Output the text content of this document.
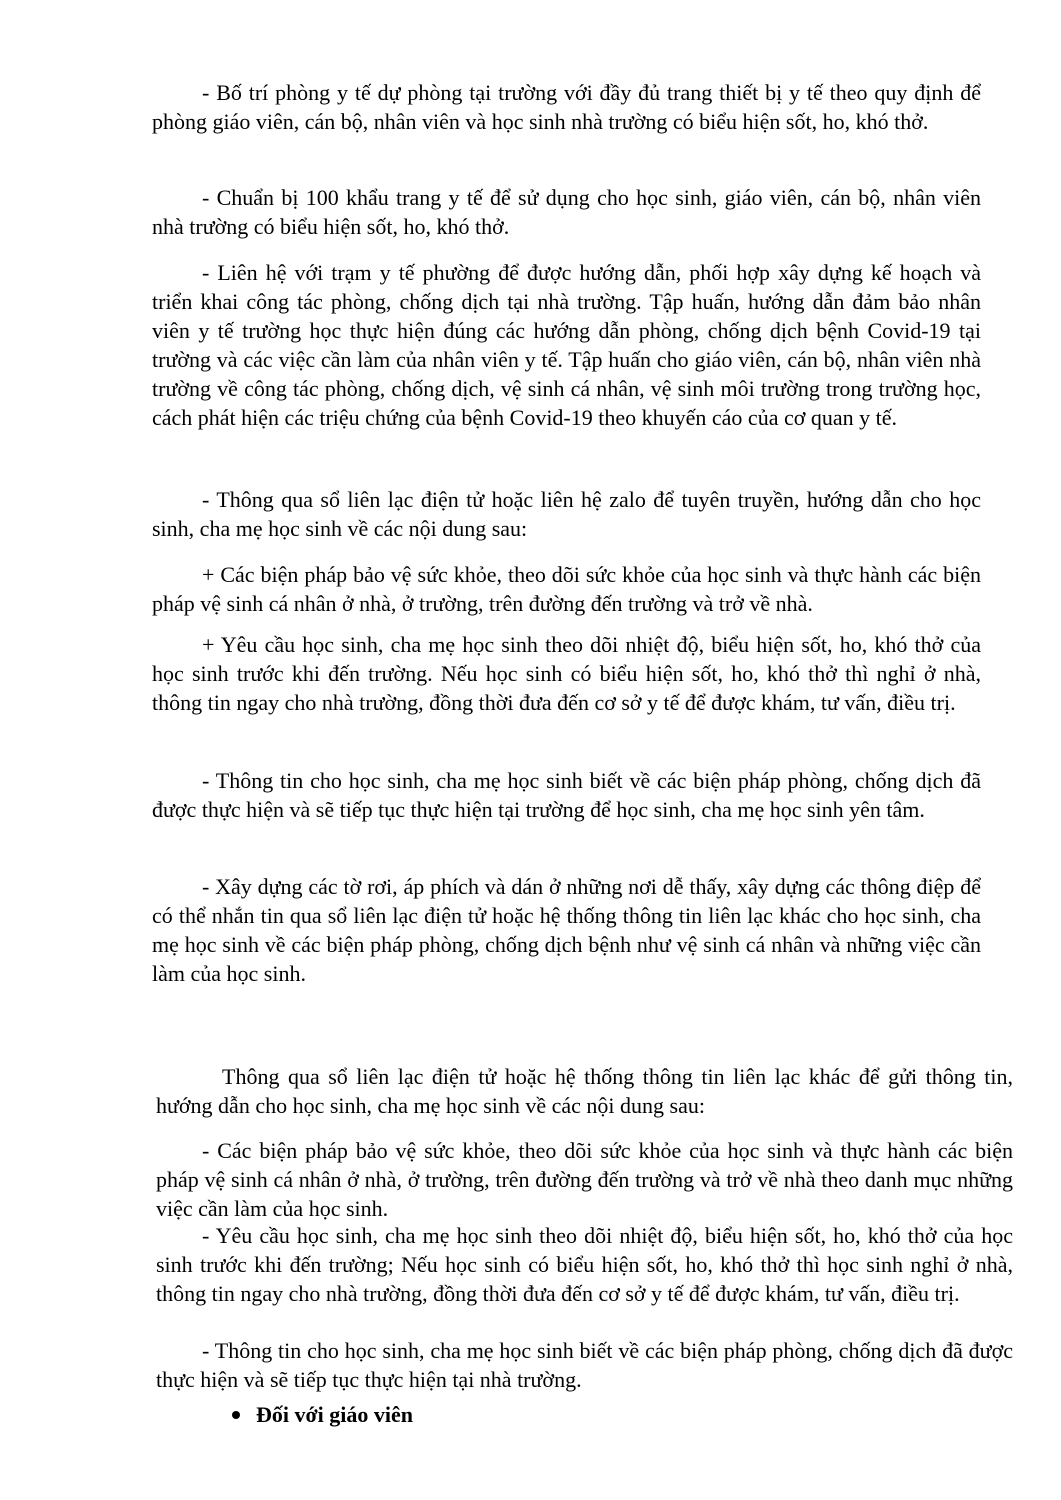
- Bố trí phòng y tế dự phòng tại trường với đầy đủ trang thiết bị y tế theo quy định để phòng giáo viên, cán bộ, nhân viên và học sinh nhà trường có biểu hiện sốt, ho, khó thở.

- Chuẩn bị 100 khẩu trang y tế để sử dụng cho học sinh, giáo viên, cán bộ, nhân viên nhà trường có biểu hiện sốt, ho, khó thở.

- Liên hệ với trạm y tế phường để được hướng dẫn, phối hợp xây dựng kế hoạch và triển khai công tác phòng, chống dịch tại nhà trường. Tập huấn, hướng dẫn đảm bảo nhân viên y tế trường học thực hiện đúng các hướng dẫn phòng, chống dịch bệnh Covid-19 tại trường và các việc cần làm của nhân viên y tế. Tập huấn cho giáo viên, cán bộ, nhân viên nhà trường về công tác phòng, chống dịch, vệ sinh cá nhân, vệ sinh môi trường trong trường học, cách phát hiện các triệu chứng của bệnh Covid-19 theo khuyến cáo của cơ quan y tế.

- Thông qua sổ liên lạc điện tử hoặc liên hệ zalo để tuyên truyền, hướng dẫn cho học sinh, cha mẹ học sinh về các nội dung sau:

+ Các biện pháp bảo vệ sức khỏe, theo dõi sức khỏe của học sinh và thực hành các biện pháp vệ sinh cá nhân ở nhà, ở trường, trên đường đến trường và trở về nhà.

+ Yêu cầu học sinh, cha mẹ học sinh theo dõi nhiệt độ, biểu hiện sốt, ho, khó thở của học sinh trước khi đến trường. Nếu học sinh có biểu hiện sốt, ho, khó thở thì nghỉ ở nhà, thông tin ngay cho nhà trường, đồng thời đưa đến cơ sở y tế để được khám, tư vấn, điều trị.

- Thông tin cho học sinh, cha mẹ học sinh biết về các biện pháp phòng, chống dịch đã được thực hiện và sẽ tiếp tục thực hiện tại trường để học sinh, cha mẹ học sinh yên tâm.

- Xây dựng các tờ rơi, áp phích và dán ở những nơi dễ thấy, xây dựng các thông điệp để có thể nhắn tin qua sổ liên lạc điện tử hoặc hệ thống thông tin liên lạc khác cho học sinh, cha mẹ học sinh về các biện pháp phòng, chống dịch bệnh như vệ sinh cá nhân và những việc cần làm của học sinh.

Thông qua sổ liên lạc điện tử hoặc hệ thống thông tin liên lạc khác để gửi thông tin, hướng dẫn cho học sinh, cha mẹ học sinh về các nội dung sau:

- Các biện pháp bảo vệ sức khỏe, theo dõi sức khỏe của học sinh và thực hành các biện pháp vệ sinh cá nhân ở nhà, ở trường, trên đường đến trường và trở về nhà theo danh mục những việc cần làm của học sinh.

- Yêu cầu học sinh, cha mẹ học sinh theo dõi nhiệt độ, biểu hiện sốt, ho, khó thở của học sinh trước khi đến trường; Nếu học sinh có biểu hiện sốt, ho, khó thở thì học sinh nghỉ ở nhà, thông tin ngay cho nhà trường, đồng thời đưa đến cơ sở y tế để được khám, tư vấn, điều trị.

- Thông tin cho học sinh, cha mẹ học sinh biết về các biện pháp phòng, chống dịch đã được thực hiện và sẽ tiếp tục thực hiện tại nhà trường.

Đối với giáo viên
